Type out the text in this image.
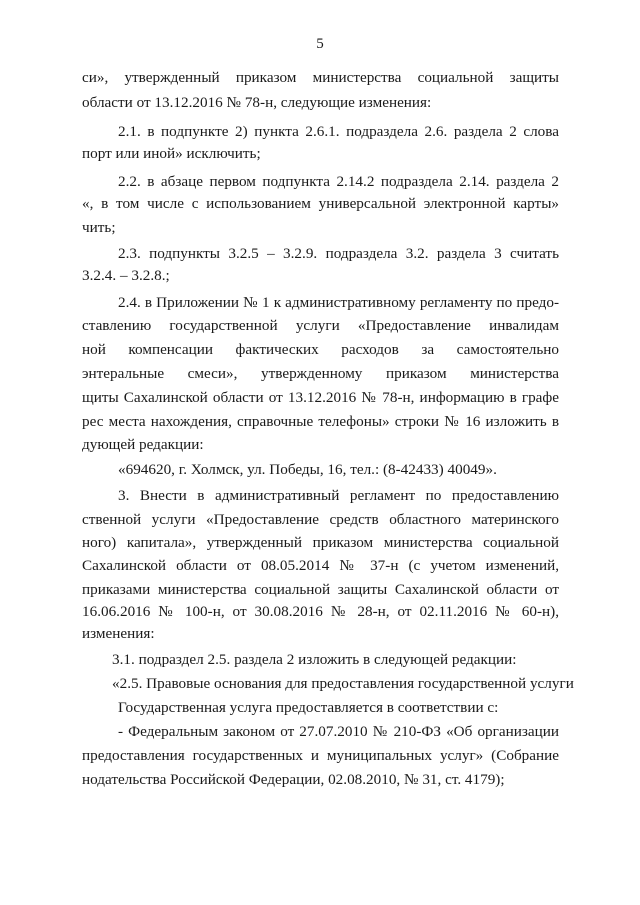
5
си», утвержденный приказом министерства социальной защиты
области от 13.12.2016 № 78-н, следующие изменения:
2.1. в подпункте 2) пункта 2.6.1. подраздела 2.6. раздела 2 слова
порт или иной» исключить;
2.2. в абзаце первом подпункта 2.14.2 подраздела 2.14. раздела 2
«, в том числе с использованием универсальной электронной карты»
чить;
2.3. подпункты 3.2.5 – 3.2.9. подраздела 3.2. раздела 3 считать
3.2.4. – 3.2.8.;
2.4. в Приложении № 1 к административному регламенту по предо-
ставлению государственной услуги «Предоставление инвалидам
ной компенсации фактических расходов за самостоятельно
энтеральные смеси», утвержденному приказом министерства
щиты Сахалинской области от 13.12.2016 № 78-н, информацию в графе
рес места нахождения, справочные телефоны» строки № 16 изложить в
дующей редакции:
«694620, г. Холмск, ул. Победы, 16, тел.: (8-42433) 40049».
3. Внести в административный регламент по предоставлению
ственной услуги «Предоставление средств областного материнского
ного) капитала», утвержденный приказом министерства социальной
Сахалинской области от 08.05.2014 № 37-н (с учетом изменений,
приказами министерства социальной защиты Сахалинской области от
16.06.2016 № 100-н, от 30.08.2016 № 28-н, от 02.11.2016 № 60-н),
изменения:
3.1. подраздел 2.5. раздела 2 изложить в следующей редакции:
«2.5. Правовые основания для предоставления государственной услуги
Государственная услуга предоставляется в соответствии с:
- Федеральным законом от 27.07.2010 № 210-ФЗ «Об организации
предоставления государственных и муниципальных услуг» (Собрание
нодательства Российской Федерации, 02.08.2010, № 31, ст. 4179);
